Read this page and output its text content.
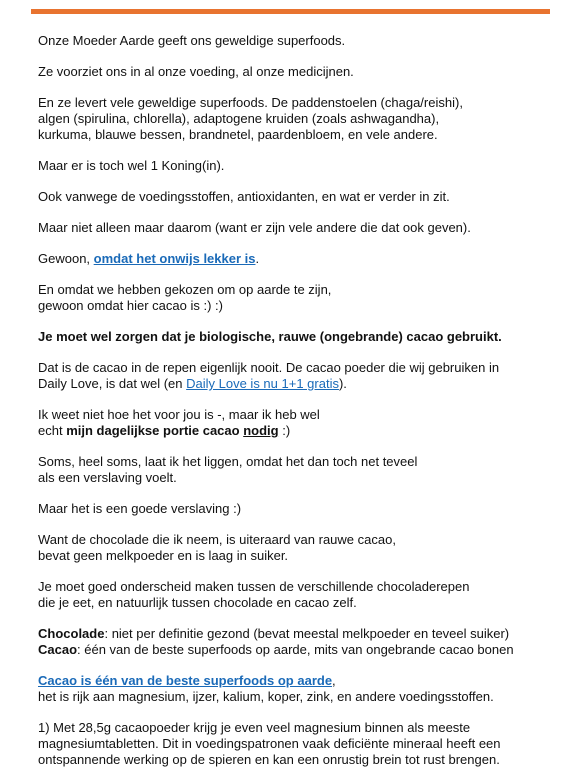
Onze Moeder Aarde geeft ons geweldige superfoods.

Ze voorziet ons in al onze voeding, al onze medicijnen.

En ze levert vele geweldige superfoods. De paddenstoelen (chaga/reishi),
algen (spirulina, chlorella), adaptogene kruiden (zoals ashwagandha),
kurkuma, blauwe bessen, brandnetel, paardenbloem, en vele andere.

Maar er is toch wel 1 Koning(in).

Ook vanwege de voedingsstoffen, antioxidanten, en wat er verder in zit.

Maar niet alleen maar daarom (want er zijn vele andere die dat ook geven).

Gewoon, omdat het onwijs lekker is.

En omdat we hebben gekozen om op aarde te zijn,
gewoon omdat hier cacao is :) :)

Je moet wel zorgen dat je biologische, rauwe (ongebrande) cacao gebruikt.

Dat is de cacao in de repen eigenlijk nooit. De cacao poeder die wij gebruiken in
Daily Love, is dat wel (en Daily Love is nu 1+1 gratis).

Ik weet niet hoe het voor jou is -, maar ik heb wel
echt mijn dagelijkse portie cacao nodig :)

Soms, heel soms, laat ik het liggen, omdat het dan toch net teveel
als een verslaving voelt.

Maar het is een goede verslaving :)

Want de chocolade die ik neem, is uiteraard van rauwe cacao,
bevat geen melkpoeder en is laag in suiker.

Je moet goed onderscheid maken tussen de verschillende chocoladerepen
die je eet, en natuurlijk tussen chocolade en cacao zelf.

Chocolade: niet per definitie gezond (bevat meestal melkpoeder en teveel suiker)
Cacao: één van de beste superfoods op aarde, mits van ongebrande cacao bonen

Cacao is één van de beste superfoods op aarde,
het is rijk aan magnesium, ijzer, kalium, koper, zink, en andere voedingsstoffen.

1) Met 28,5g cacaopoeder krijg je even veel magnesium binnen als meeste
magnesiumtabletten. Dit in voedingspatronen vaak deficiënte mineraal heeft een
ontspannende werking op de spieren en kan een onrustig brein tot rust brengen.
